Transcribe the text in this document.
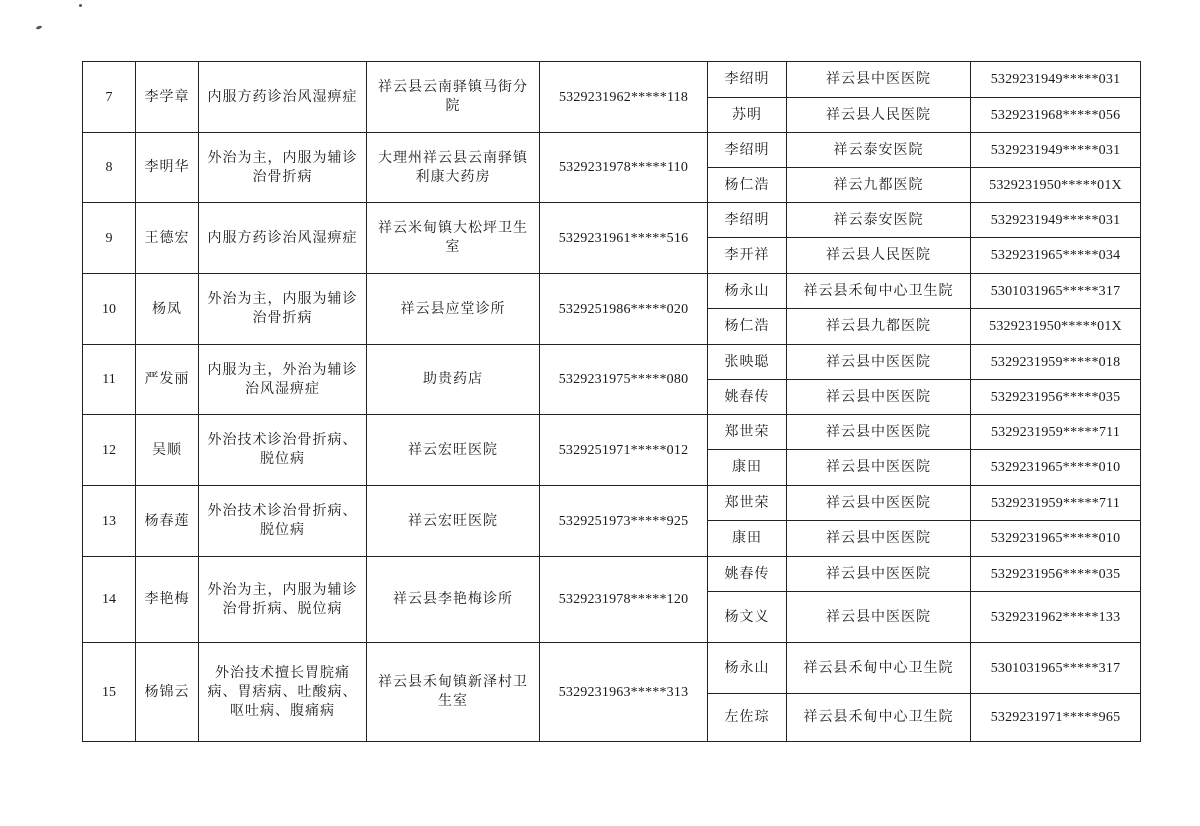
7	李学章	内服方药诊治风湿痹症	祥云县云南驿镇马街分院	5329231962*****118	李绍明	祥云县中医医院	5329231949*****031
					苏明	祥云县人民医院	5329231968*****056
8	李明华	外治为主，内服为辅诊治骨折病	大理州祥云县云南驿镇利康大药房	5329231978*****110	李绍明	祥云泰安医院	5329231949*****031
					杨仁浩	祥云九都医院	5329231950*****01X
9	王德宏	内服方药诊治风湿痹症	祥云米甸镇大松坪卫生室	5329231961*****516	李绍明	祥云泰安医院	5329231949*****031
					李开祥	祥云县人民医院	5329231965*****034
10	杨凤	外治为主，内服为辅诊治骨折病	祥云县应堂诊所	5329251986*****020	杨永山	祥云县禾甸中心卫生院	5301031965*****317
					杨仁浩	祥云县九都医院	5329231950*****01X
11	严发丽	内服为主，外治为辅诊治风湿痹症	助贵药店	5329231975*****080	张映聪	祥云县中医医院	5329231959*****018
					姚春传	祥云县中医医院	5329231956*****035
12	吴顺	外治技术诊治骨折病、脱位病	祥云宏旺医院	5329251971*****012	郑世荣	祥云县中医医院	5329231959*****711
					康田	祥云县中医医院	5329231965*****010
13	杨春莲	外治技术诊治骨折病、脱位病	祥云宏旺医院	5329251973*****925	郑世荣	祥云县中医医院	5329231959*****711
					康田	祥云县中医医院	5329231965*****010
14	李艳梅	外治为主，内服为辅诊治骨折病、脱位病	祥云县李艳梅诊所	5329231978*****120	姚春传	祥云县中医医院	5329231956*****035
					杨文义	祥云县中医医院	5329231962*****133
15	杨锦云	外治技术擅长胃脘痛病、胃痞病、吐酸病、呕吐病、腹痛病	祥云县禾甸镇新泽村卫生室	5329231963*****313	杨永山	祥云县禾甸中心卫生院	5301031965*****317
					左佐琮	祥云县禾甸中心卫生院	5329231971*****965
